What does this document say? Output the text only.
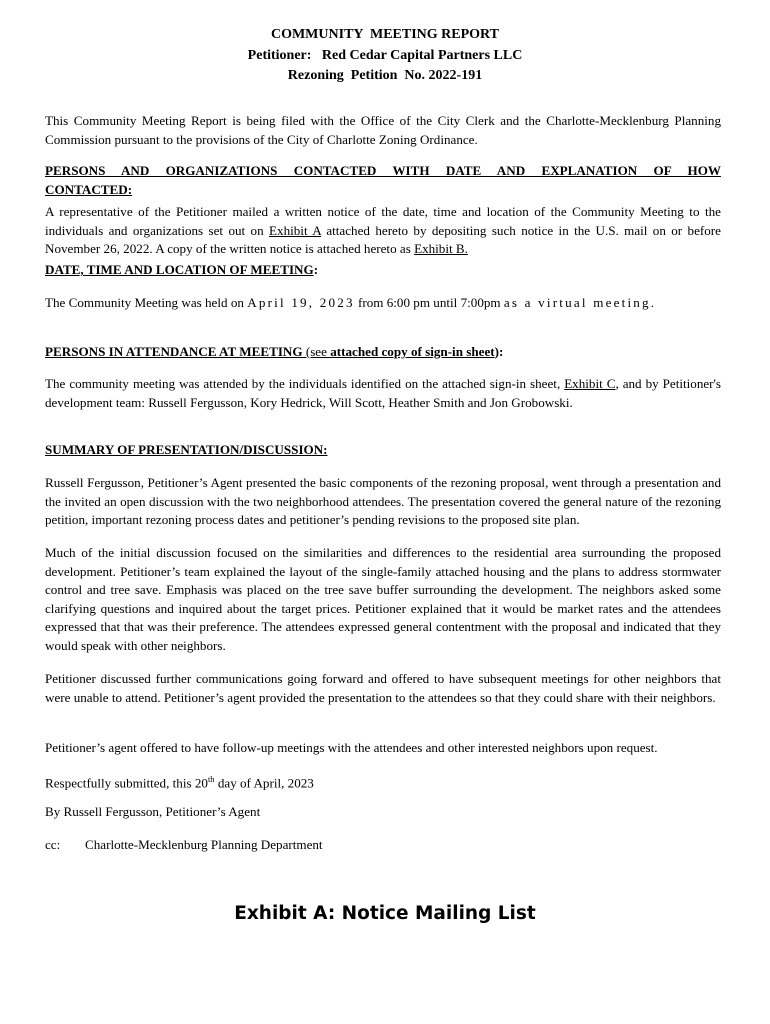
COMMUNITY  MEETING REPORT
Petitioner: Red Cedar Capital Partners LLC
Rezoning  Petition  No. 2022-191
This Community Meeting Report is being filed with the Office of the City Clerk and the Charlotte-Mecklenburg Planning Commission pursuant to the provisions of the City of Charlotte Zoning Ordinance.
PERSONS AND ORGANIZATIONS CONTACTED WITH DATE AND EXPLANATION OF HOW CONTACTED:
A representative of the Petitioner mailed a written notice of the date, time and location of the Community Meeting to the individuals and organizations set out on Exhibit A attached hereto by depositing such notice in the U.S. mail on or before November 26, 2022. A copy of the written notice is attached hereto as Exhibit B.
DATE, TIME AND LOCATION OF MEETING:
The Community Meeting was held on April 19, 2023 from 6:00 pm until 7:00pm as a virtual meeting.
PERSONS IN ATTENDANCE AT MEETING (see attached copy of sign-in sheet):
The community meeting was attended by the individuals identified on the attached sign-in sheet, Exhibit C, and by Petitioner's development team: Russell Fergusson, Kory Hedrick, Will Scott, Heather Smith and Jon Grobowski.
SUMMARY OF PRESENTATION/DISCUSSION:
Russell Fergusson, Petitioner’s Agent presented the basic components of the rezoning proposal, went through a presentation and the invited an open discussion with the two neighborhood attendees. The presentation covered the general nature of the rezoning petition, important rezoning process dates and petitioner’s pending revisions to the proposed site plan.
Much of the initial discussion focused on the similarities and differences to the residential area surrounding the proposed development. Petitioner’s team explained the layout of the single-family attached housing and the plans to address stormwater control and tree save. Emphasis was placed on the tree save buffer surrounding the development. The neighbors asked some clarifying questions and inquired about the target prices. Petitioner explained that it would be market rates and the attendees expressed that that was their preference. The attendees expressed general contentment with the proposal and indicated that they would speak with other neighbors.
Petitioner discussed further communications going forward and offered to have subsequent meetings for other neighbors that were unable to attend. Petitioner’s agent provided the presentation to the attendees so that they could share with their neighbors.
Petitioner’s agent offered to have follow-up meetings with the attendees and other interested neighbors upon request.
Respectfully submitted, this 20th day of April, 2023
By Russell Fergusson, Petitioner’s Agent
cc: Charlotte-Mecklenburg Planning Department
Exhibit A: Notice Mailing List
